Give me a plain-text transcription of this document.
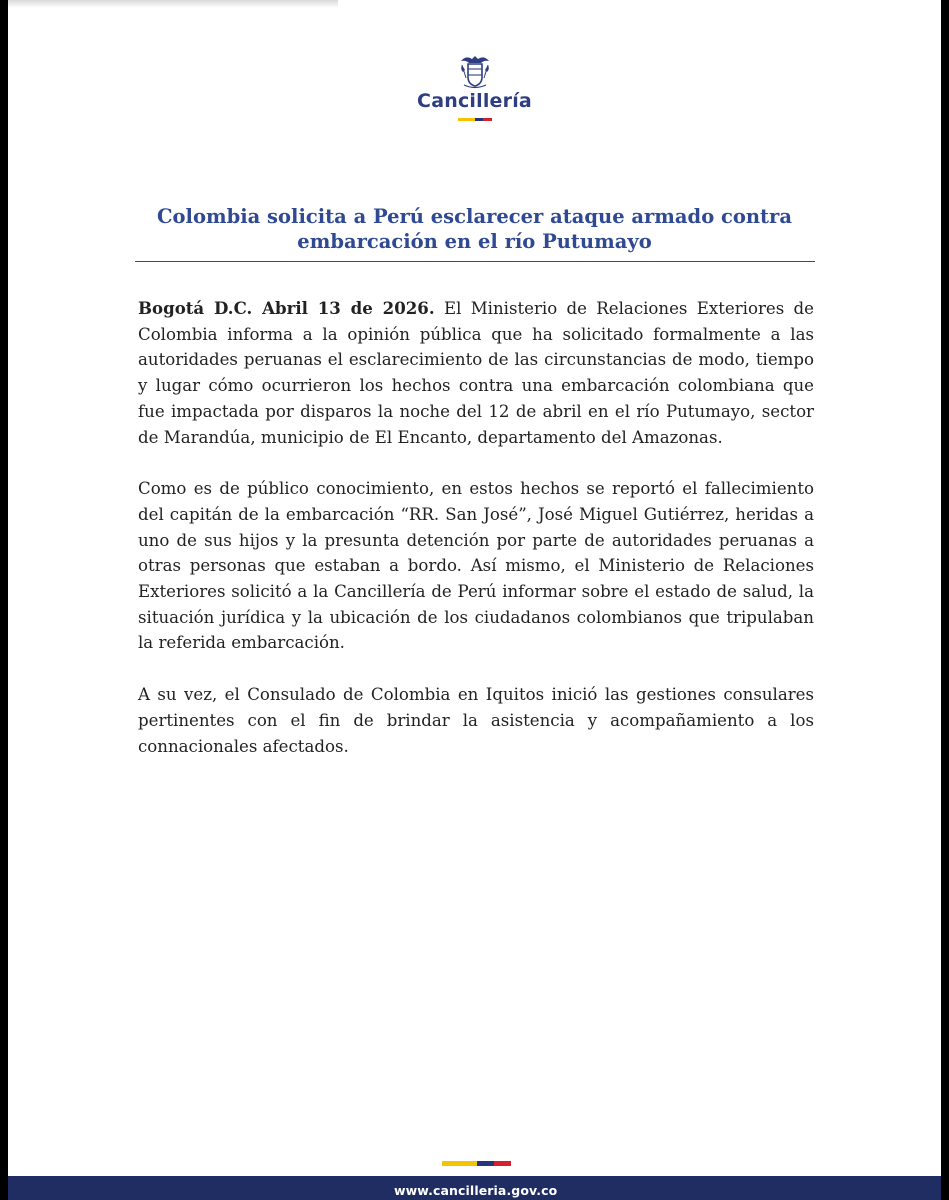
Cancillería
Colombia solicita a Perú esclarecer ataque armado contra embarcación en el río Putumayo

Bogotá D.C. Abril 13 de 2026. El Ministerio de Relaciones Exteriores de Colombia informa a la opinión pública que ha solicitado formalmente a las autoridades peruanas el esclarecimiento de las circunstancias de modo, tiempo y lugar cómo ocurrieron los hechos contra una embarcación colombiana que fue impactada por disparos la noche del 12 de abril en el río Putumayo, sector de Marandúa, municipio de El Encanto, departamento del Amazonas.

Como es de público conocimiento, en estos hechos se reportó el fallecimiento del capitán de la embarcación “RR. San José”, José Miguel Gutiérrez, heridas a uno de sus hijos y la presunta detención por parte de autoridades peruanas a otras personas que estaban a bordo. Así mismo, el Ministerio de Relaciones Exteriores solicitó a la Cancillería de Perú informar sobre el estado de salud, la situación jurídica y la ubicación de los ciudadanos colombianos que tripulaban la referida embarcación.

A su vez, el Consulado de Colombia en Iquitos inició las gestiones consulares pertinentes con el fin de brindar la asistencia y acompañamiento a los connacionales afectados.

www.cancilleria.gov.co
